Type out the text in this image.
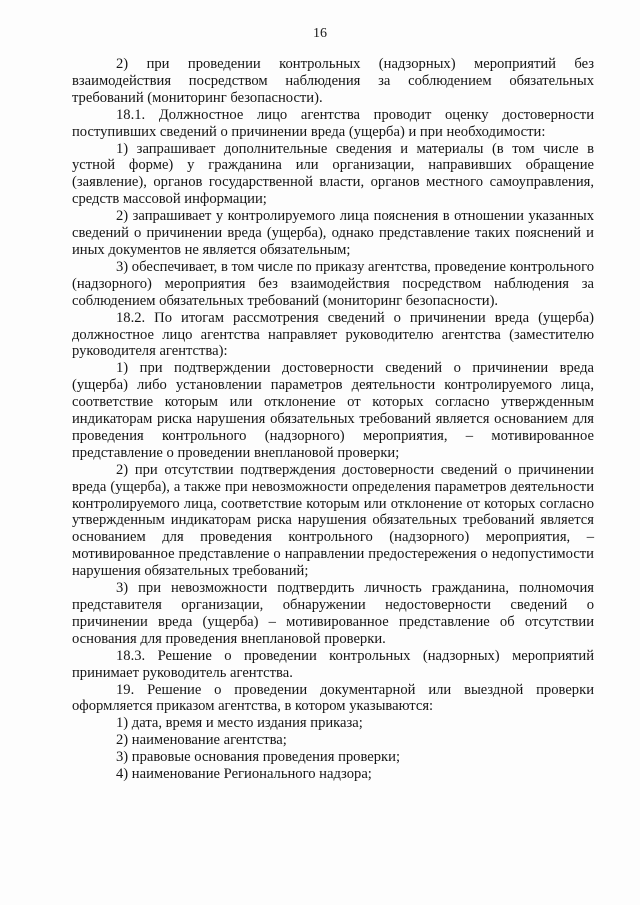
16

2) при проведении контрольных (надзорных) мероприятий без взаимодействия посредством наблюдения за соблюдением обязательных требований (мониторинг безопасности).

18.1. Должностное лицо агентства проводит оценку достоверности поступивших сведений о причинении вреда (ущерба) и при необходимости:

1) запрашивает дополнительные сведения и материалы (в том числе в устной форме) у гражданина или организации, направивших обращение (заявление), органов государственной власти, органов местного самоуправления, средств массовой информации;

2) запрашивает у контролируемого лица пояснения в отношении указанных сведений о причинении вреда (ущерба), однако представление таких пояснений и иных документов не является обязательным;

3) обеспечивает, в том числе по приказу агентства, проведение контрольного (надзорного) мероприятия без взаимодействия посредством наблюдения за соблюдением обязательных требований (мониторинг безопасности).

18.2. По итогам рассмотрения сведений о причинении вреда (ущерба) должностное лицо агентства направляет руководителю агентства (заместителю руководителя агентства):

1) при подтверждении достоверности сведений о причинении вреда (ущерба) либо установлении параметров деятельности контролируемого лица, соответствие которым или отклонение от которых согласно утвержденным индикаторам риска нарушения обязательных требований является основанием для проведения контрольного (надзорного) мероприятия, – мотивированное представление о проведении внеплановой проверки;

2) при отсутствии подтверждения достоверности сведений о причинении вреда (ущерба), а также при невозможности определения параметров деятельности контролируемого лица, соответствие которым или отклонение от которых согласно утвержденным индикаторам риска нарушения обязательных требований является основанием для проведения контрольного (надзорного) мероприятия, – мотивированное представление о направлении предостережения о недопустимости нарушения обязательных требований;

3) при невозможности подтвердить личность гражданина, полномочия представителя организации, обнаружении недостоверности сведений о причинении вреда (ущерба) – мотивированное представление об отсутствии основания для проведения внеплановой проверки.

18.3. Решение о проведении контрольных (надзорных) мероприятий принимает руководитель агентства.

19. Решение о проведении документарной или выездной проверки оформляется приказом агентства, в котором указываются:

1) дата, время и место издания приказа;

2) наименование агентства;

3) правовые основания проведения проверки;

4) наименование Регионального надзора;
